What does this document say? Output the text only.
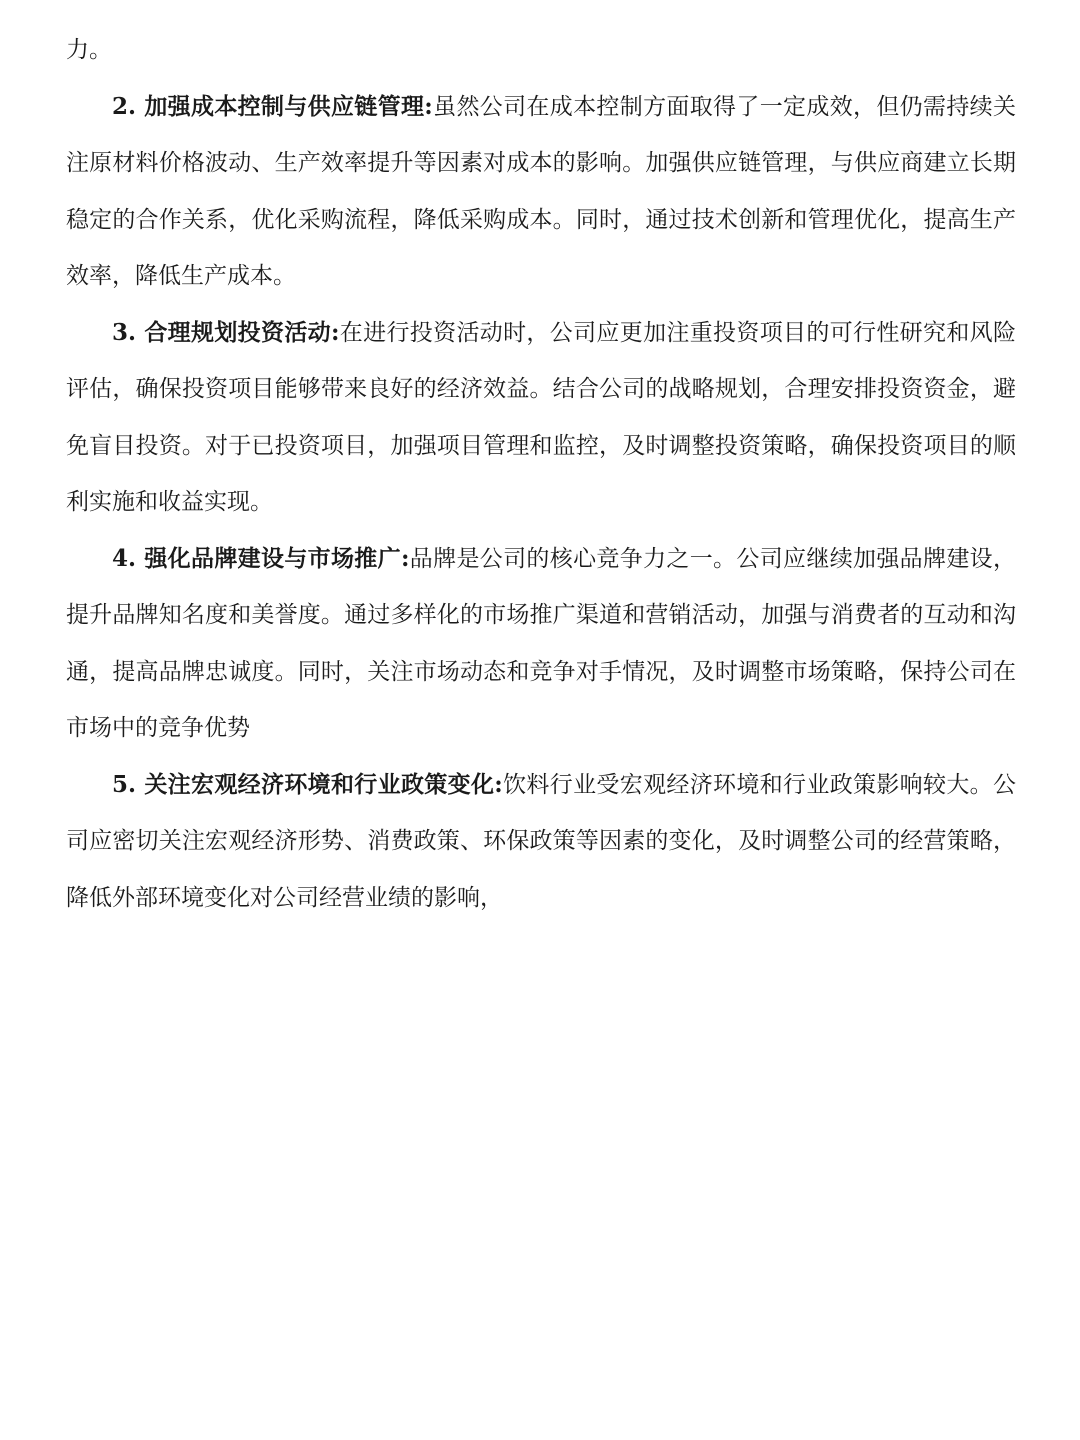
力。

2. 加强成本控制与供应链管理:虽然公司在成本控制方面取得了一定成效，但仍需持续关注原材料价格波动、生产效率提升等因素对成本的影响。加强供应链管理，与供应商建立长期稳定的合作关系，优化采购流程，降低采购成本。同时，通过技术创新和管理优化，提高生产效率，降低生产成本。

3. 合理规划投资活动:在进行投资活动时，公司应更加注重投资项目的可行性研究和风险评估，确保投资项目能够带来良好的经济效益。结合公司的战略规划，合理安排投资资金，避免盲目投资。对于已投资项目，加强项目管理和监控，及时调整投资策略，确保投资项目的顺利实施和收益实现。

4. 强化品牌建设与市场推广:品牌是公司的核心竞争力之一。公司应继续加强品牌建设，提升品牌知名度和美誉度。通过多样化的市场推广渠道和营销活动，加强与消费者的互动和沟通，提高品牌忠诚度。同时，关注市场动态和竞争对手情况，及时调整市场策略，保持公司在市场中的竞争优势

5. 关注宏观经济环境和行业政策变化:饮料行业受宏观经济环境和行业政策影响较大。公司应密切关注宏观经济形势、消费政策、环保政策等因素的变化，及时调整公司的经营策略，降低外部环境变化对公司经营业绩的影响，
